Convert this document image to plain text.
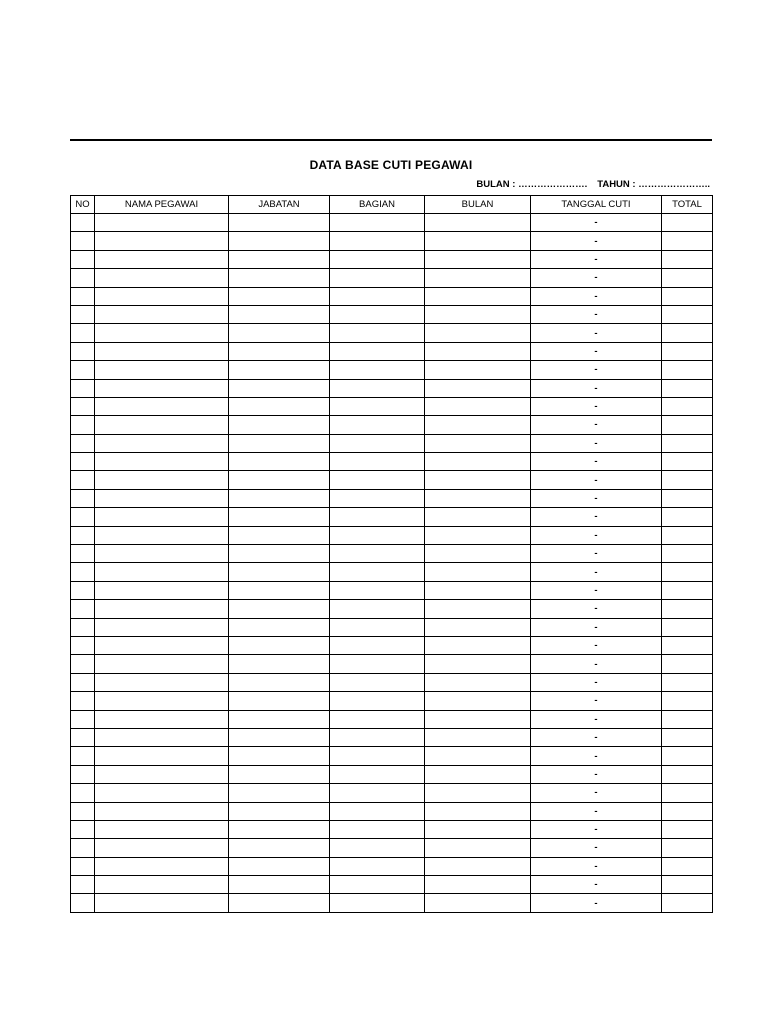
DATA BASE CUTI PEGAWAI
BULAN : …………………. TAHUN : …………………..
NO	NAMA PEGAWAI	JABATAN	BAGIAN	BULAN	TANGGAL CUTI	TOTAL
					-	
					-	
					-	
					-	
					-	
					-	
					-	
					-	
					-	
					-	
					-	
					-	
					-	
					-	
					-	
					-	
					-	
					-	
					-	
					-	
					-	
					-	
					-	
					-	
					-	
					-	
					-	
					-	
					-	
					-	
					-	
					-	
					-	
					-	
					-	
					-	
					-	
					-	
